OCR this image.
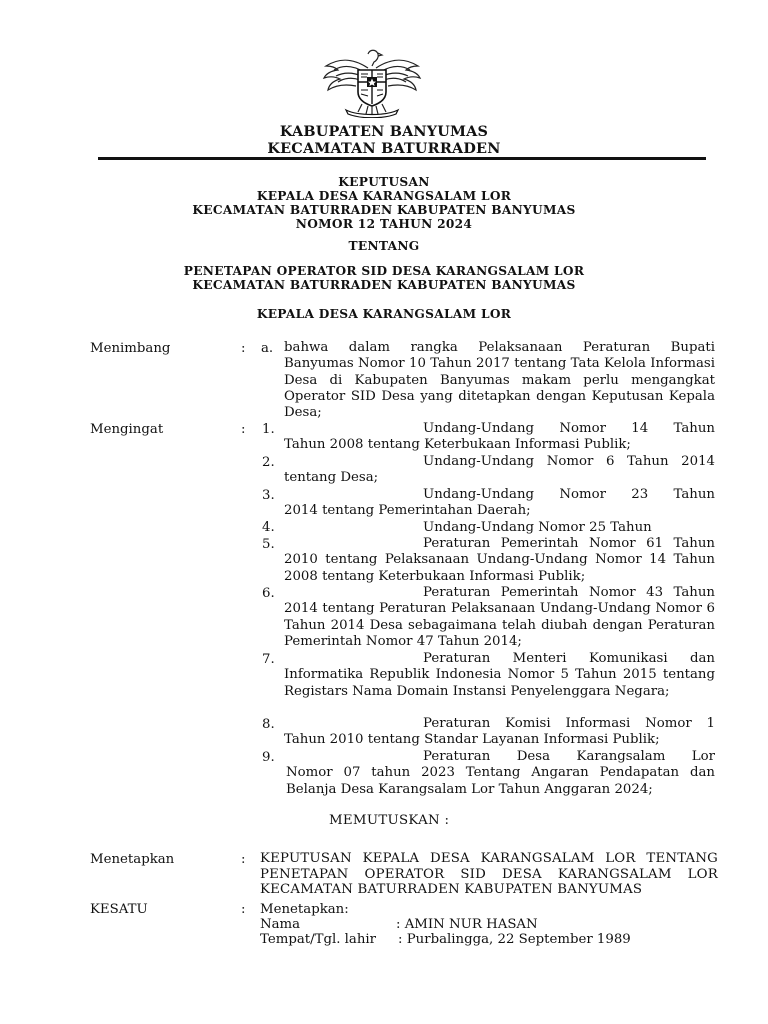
KABUPATEN BANYUMAS
KECAMATAN BATURRADEN
KEPUTUSAN
KEPALA DESA KARANGSALAM LOR
KECAMATAN BATURRADEN KABUPATEN BANYUMAS
NOMOR 12 TAHUN 2024
TENTANG
PENETAPAN OPERATOR SID DESA KARANGSALAM LOR
KECAMATAN BATURRADEN KABUPATEN BANYUMAS
KEPALA DESA KARANGSALAM LOR
Menimbang	: a. bahwa dalam rangka Pelaksanaan Peraturan Bupati
Banyumas Nomor 10 Tahun 2017 tentang Tata Kelola Informasi Desa di Kabupaten Banyumas makam perlu mengangkat Operator SID Desa yang ditetapkan dengan Keputusan Kepala Desa;
Mengingat	: 1.	Undang-Undang Nomor 14 Tahun
Tahun 2008 tentang Keterbukaan Informasi Publik;
2.	Undang-Undang Nomor 6 Tahun 2014
tentang Desa;
3.	Undang-Undang Nomor 23 Tahun
2014 tentang Pemerintahan Daerah;
4.	Undang-Undang Nomor 25 Tahun
5.	Peraturan Pemerintah Nomor 61 Tahun
2010 tentang Pelaksanaan Undang-Undang Nomor 14 Tahun 2008 tentang Keterbukaan Informasi Publik;
6.	Peraturan Pemerintah Nomor 43 Tahun
2014 tentang Peraturan Pelaksanaan Undang-Undang Nomor 6 Tahun 2014 Desa sebagaimana telah diubah dengan Peraturan Pemerintah Nomor 47 Tahun 2014;
7.	Peraturan Menteri Komunikasi dan
Informatika Republik Indonesia Nomor 5 Tahun 2015 tentang Registars Nama Domain Instansi Penyelenggara Negara;
8.	Peraturan Komisi Informasi Nomor 1
Tahun 2010 tentang Standar Layanan Informasi Publik;
9.	Peraturan Desa Karangsalam Lor
Nomor 07 tahun 2023 Tentang Angaran Pendapatan dan Belanja Desa Karangsalam Lor Tahun Anggaran 2024;
MEMUTUSKAN :
Menetapkan	: KEPUTUSAN KEPALA DESA KARANGSALAM LOR TENTANG
PENETAPAN OPERATOR SID DESA KARANGSALAM LOR
KECAMATAN BATURRADEN KABUPATEN BANYUMAS
KESATU	: Menetapkan:
Nama	: AMIN NUR HASAN
Tempat/Tgl. lahir : Purbalingga, 22 September 1989
